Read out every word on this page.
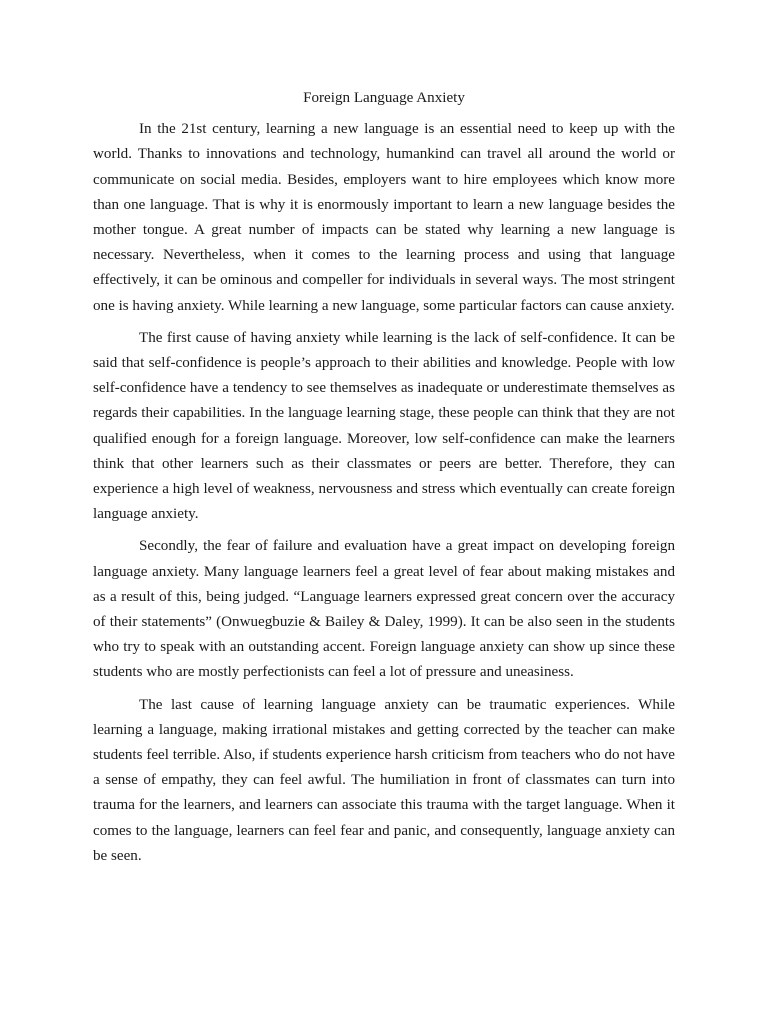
Foreign Language Anxiety

In the 21st century, learning a new language is an essential need to keep up with the world. Thanks to innovations and technology, humankind can travel all around the world or communicate on social media. Besides, employers want to hire employees which know more than one language. That is why it is enormously important to learn a new language besides the mother tongue. A great number of impacts can be stated why learning a new language is necessary. Nevertheless, when it comes to the learning process and using that language effectively, it can be ominous and compeller for individuals in several ways. The most stringent one is having anxiety. While learning a new language, some particular factors can cause anxiety.

The first cause of having anxiety while learning is the lack of self-confidence. It can be said that self-confidence is people’s approach to their abilities and knowledge. People with low self-confidence have a tendency to see themselves as inadequate or underestimate themselves as regards their capabilities. In the language learning stage, these people can think that they are not qualified enough for a foreign language. Moreover, low self-confidence can make the learners think that other learners such as their classmates or peers are better. Therefore, they can experience a high level of weakness, nervousness and stress which eventually can create foreign language anxiety.

Secondly, the fear of failure and evaluation have a great impact on developing foreign language anxiety. Many language learners feel a great level of fear about making mistakes and as a result of this, being judged. “Language learners expressed great concern over the accuracy of their statements” (Onwuegbuzie & Bailey & Daley, 1999). It can be also seen in the students who try to speak with an outstanding accent. Foreign language anxiety can show up since these students who are mostly perfectionists can feel a lot of pressure and uneasiness.

The last cause of learning language anxiety can be traumatic experiences. While learning a language, making irrational mistakes and getting corrected by the teacher can make students feel terrible. Also, if students experience harsh criticism from teachers who do not have a sense of empathy, they can feel awful. The humiliation in front of classmates can turn into trauma for the learners, and learners can associate this trauma with the target language. When it comes to the language, learners can feel fear and panic, and consequently, language anxiety can be seen.
